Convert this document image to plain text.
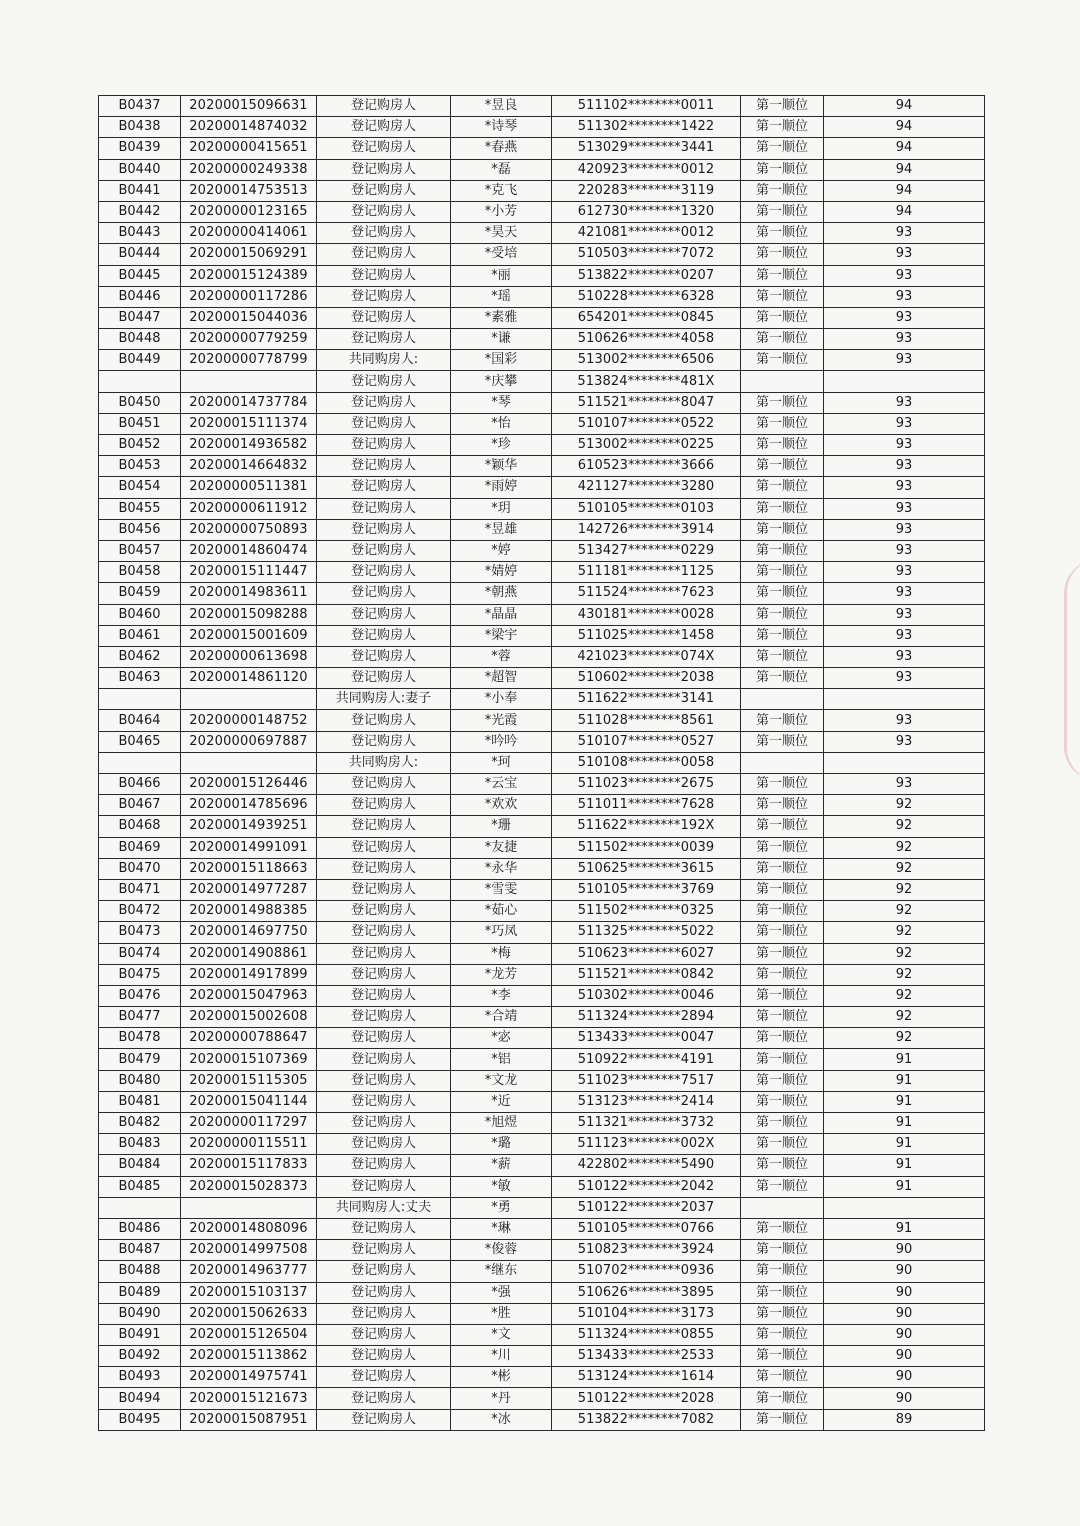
B0437	20200015096631	登记购房人	*昱良	511102********0011	第一顺位	94
B0438	20200014874032	登记购房人	*诗琴	511302********1422	第一顺位	94
B0439	20200000415651	登记购房人	*春燕	513029********3441	第一顺位	94
B0440	20200000249338	登记购房人	*磊	420923********0012	第一顺位	94
B0441	20200014753513	登记购房人	*克飞	220283********3119	第一顺位	94
B0442	20200000123165	登记购房人	*小芳	612730********1320	第一顺位	94
B0443	20200000414061	登记购房人	*昊天	421081********0012	第一顺位	93
B0444	20200015069291	登记购房人	*受培	510503********7072	第一顺位	93
B0445	20200015124389	登记购房人	*丽	513822********0207	第一顺位	93
B0446	20200000117286	登记购房人	*瑶	510228********6328	第一顺位	93
B0447	20200015044036	登记购房人	*素雅	654201********0845	第一顺位	93
B0448	20200000779259	登记购房人	*谦	510626********4058	第一顺位	93
B0449	20200000778799	共同购房人:	*国彩	513002********6506	第一顺位	93
		登记购房人	*庆攀	513824********481X		
B0450	20200014737784	登记购房人	*琴	511521********8047	第一顺位	93
B0451	20200015111374	登记购房人	*怡	510107********0522	第一顺位	93
B0452	20200014936582	登记购房人	*珍	513002********0225	第一顺位	93
B0453	20200014664832	登记购房人	*颖华	610523********3666	第一顺位	93
B0454	20200000511381	登记购房人	*雨婷	421127********3280	第一顺位	93
B0455	20200000611912	登记购房人	*玥	510105********0103	第一顺位	93
B0456	20200000750893	登记购房人	*昱雄	142726********3914	第一顺位	93
B0457	20200014860474	登记购房人	*婷	513427********0229	第一顺位	93
B0458	20200015111447	登记购房人	*婧婷	511181********1125	第一顺位	93
B0459	20200014983611	登记购房人	*朝燕	511524********7623	第一顺位	93
B0460	20200015098288	登记购房人	*晶晶	430181********0028	第一顺位	93
B0461	20200015001609	登记购房人	*梁宇	511025********1458	第一顺位	93
B0462	20200000613698	登记购房人	*蓉	421023********074X	第一顺位	93
B0463	20200014861120	登记购房人	*超智	510602********2038	第一顺位	93
		共同购房人:妻子	*小奉	511622********3141		
B0464	20200000148752	登记购房人	*光霞	511028********8561	第一顺位	93
B0465	20200000697887	登记购房人	*吟吟	510107********0527	第一顺位	93
		共同购房人:	*珂	510108********0058		
B0466	20200015126446	登记购房人	*云宝	511023********2675	第一顺位	93
B0467	20200014785696	登记购房人	*欢欢	511011********7628	第一顺位	92
B0468	20200014939251	登记购房人	*珊	511622********192X	第一顺位	92
B0469	20200014991091	登记购房人	*友捷	511502********0039	第一顺位	92
B0470	20200015118663	登记购房人	*永华	510625********3615	第一顺位	92
B0471	20200014977287	登记购房人	*雪雯	510105********3769	第一顺位	92
B0472	20200014988385	登记购房人	*茹心	511502********0325	第一顺位	92
B0473	20200014697750	登记购房人	*巧凤	511325********5022	第一顺位	92
B0474	20200014908861	登记购房人	*梅	510623********6027	第一顺位	92
B0475	20200014917899	登记购房人	*龙芳	511521********0842	第一顺位	92
B0476	20200015047963	登记购房人	*李	510302********0046	第一顺位	92
B0477	20200015002608	登记购房人	*合靖	511324********2894	第一顺位	92
B0478	20200000788647	登记购房人	*宓	513433********0047	第一顺位	92
B0479	20200015107369	登记购房人	*铝	510922********4191	第一顺位	91
B0480	20200015115305	登记购房人	*文龙	511023********7517	第一顺位	91
B0481	20200015041144	登记购房人	*近	513123********2414	第一顺位	91
B0482	20200000117297	登记购房人	*旭煜	511321********3732	第一顺位	91
B0483	20200000115511	登记购房人	*璐	511123********002X	第一顺位	91
B0484	20200015117833	登记购房人	*薪	422802********5490	第一顺位	91
B0485	20200015028373	登记购房人	*敏	510122********2042	第一顺位	91
		共同购房人:丈夫	*勇	510122********2037		
B0486	20200014808096	登记购房人	*琳	510105********0766	第一顺位	91
B0487	20200014997508	登记购房人	*俊蓉	510823********3924	第一顺位	90
B0488	20200014963777	登记购房人	*继东	510702********0936	第一顺位	90
B0489	20200015103137	登记购房人	*强	510626********3895	第一顺位	90
B0490	20200015062633	登记购房人	*胜	510104********3173	第一顺位	90
B0491	20200015126504	登记购房人	*文	511324********0855	第一顺位	90
B0492	20200015113862	登记购房人	*川	513433********2533	第一顺位	90
B0493	20200014975741	登记购房人	*彬	513124********1614	第一顺位	90
B0494	20200015121673	登记购房人	*丹	510122********2028	第一顺位	90
B0495	20200015087951	登记购房人	*冰	513822********7082	第一顺位	89
